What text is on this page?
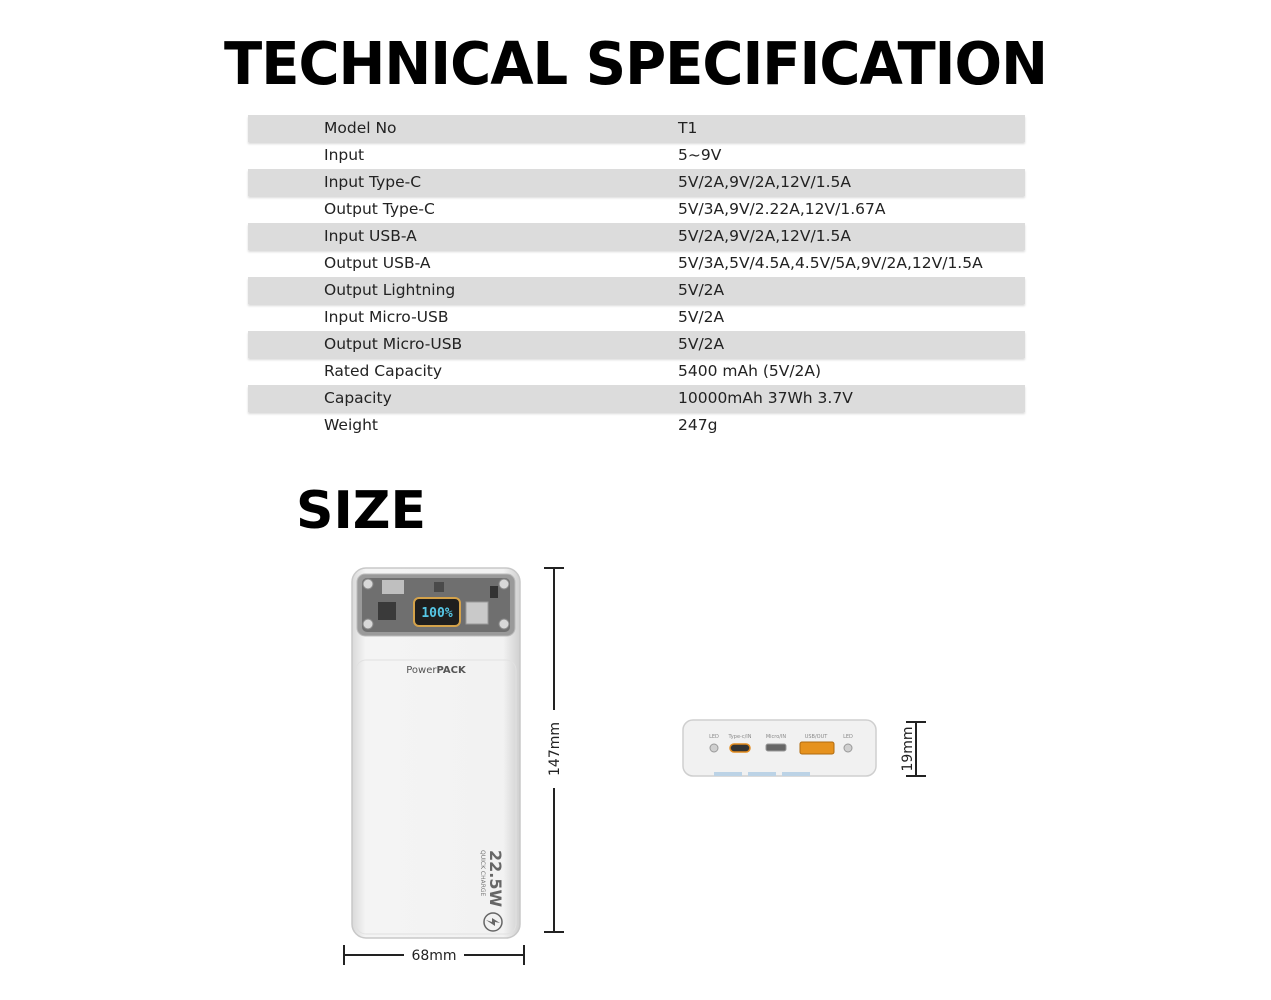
TECHNICAL SPECIFICATION
Model No	T1
Input	5~9V
Input Type-C	5V/2A,9V/2A,12V/1.5A
Output Type-C	5V/3A,9V/2.22A,12V/1.67A
Input USB-A	5V/2A,9V/2A,12V/1.5A
Output USB-A	5V/3A,5V/4.5A,4.5V/5A,9V/2A,12V/1.5A
Output Lightning	5V/2A
Input Micro-USB	5V/2A
Output Micro-USB	5V/2A
Rated Capacity	5400 mAh (5V/2A)
Capacity	10000mAh 37Wh 3.7V
Weight	247g
SIZE
100%
PowerPACK
22.5W
QUICK CHARGE
147mm
68mm
LED Type-c/IN	Micro/IN	USB/OUT	LED	19mm
